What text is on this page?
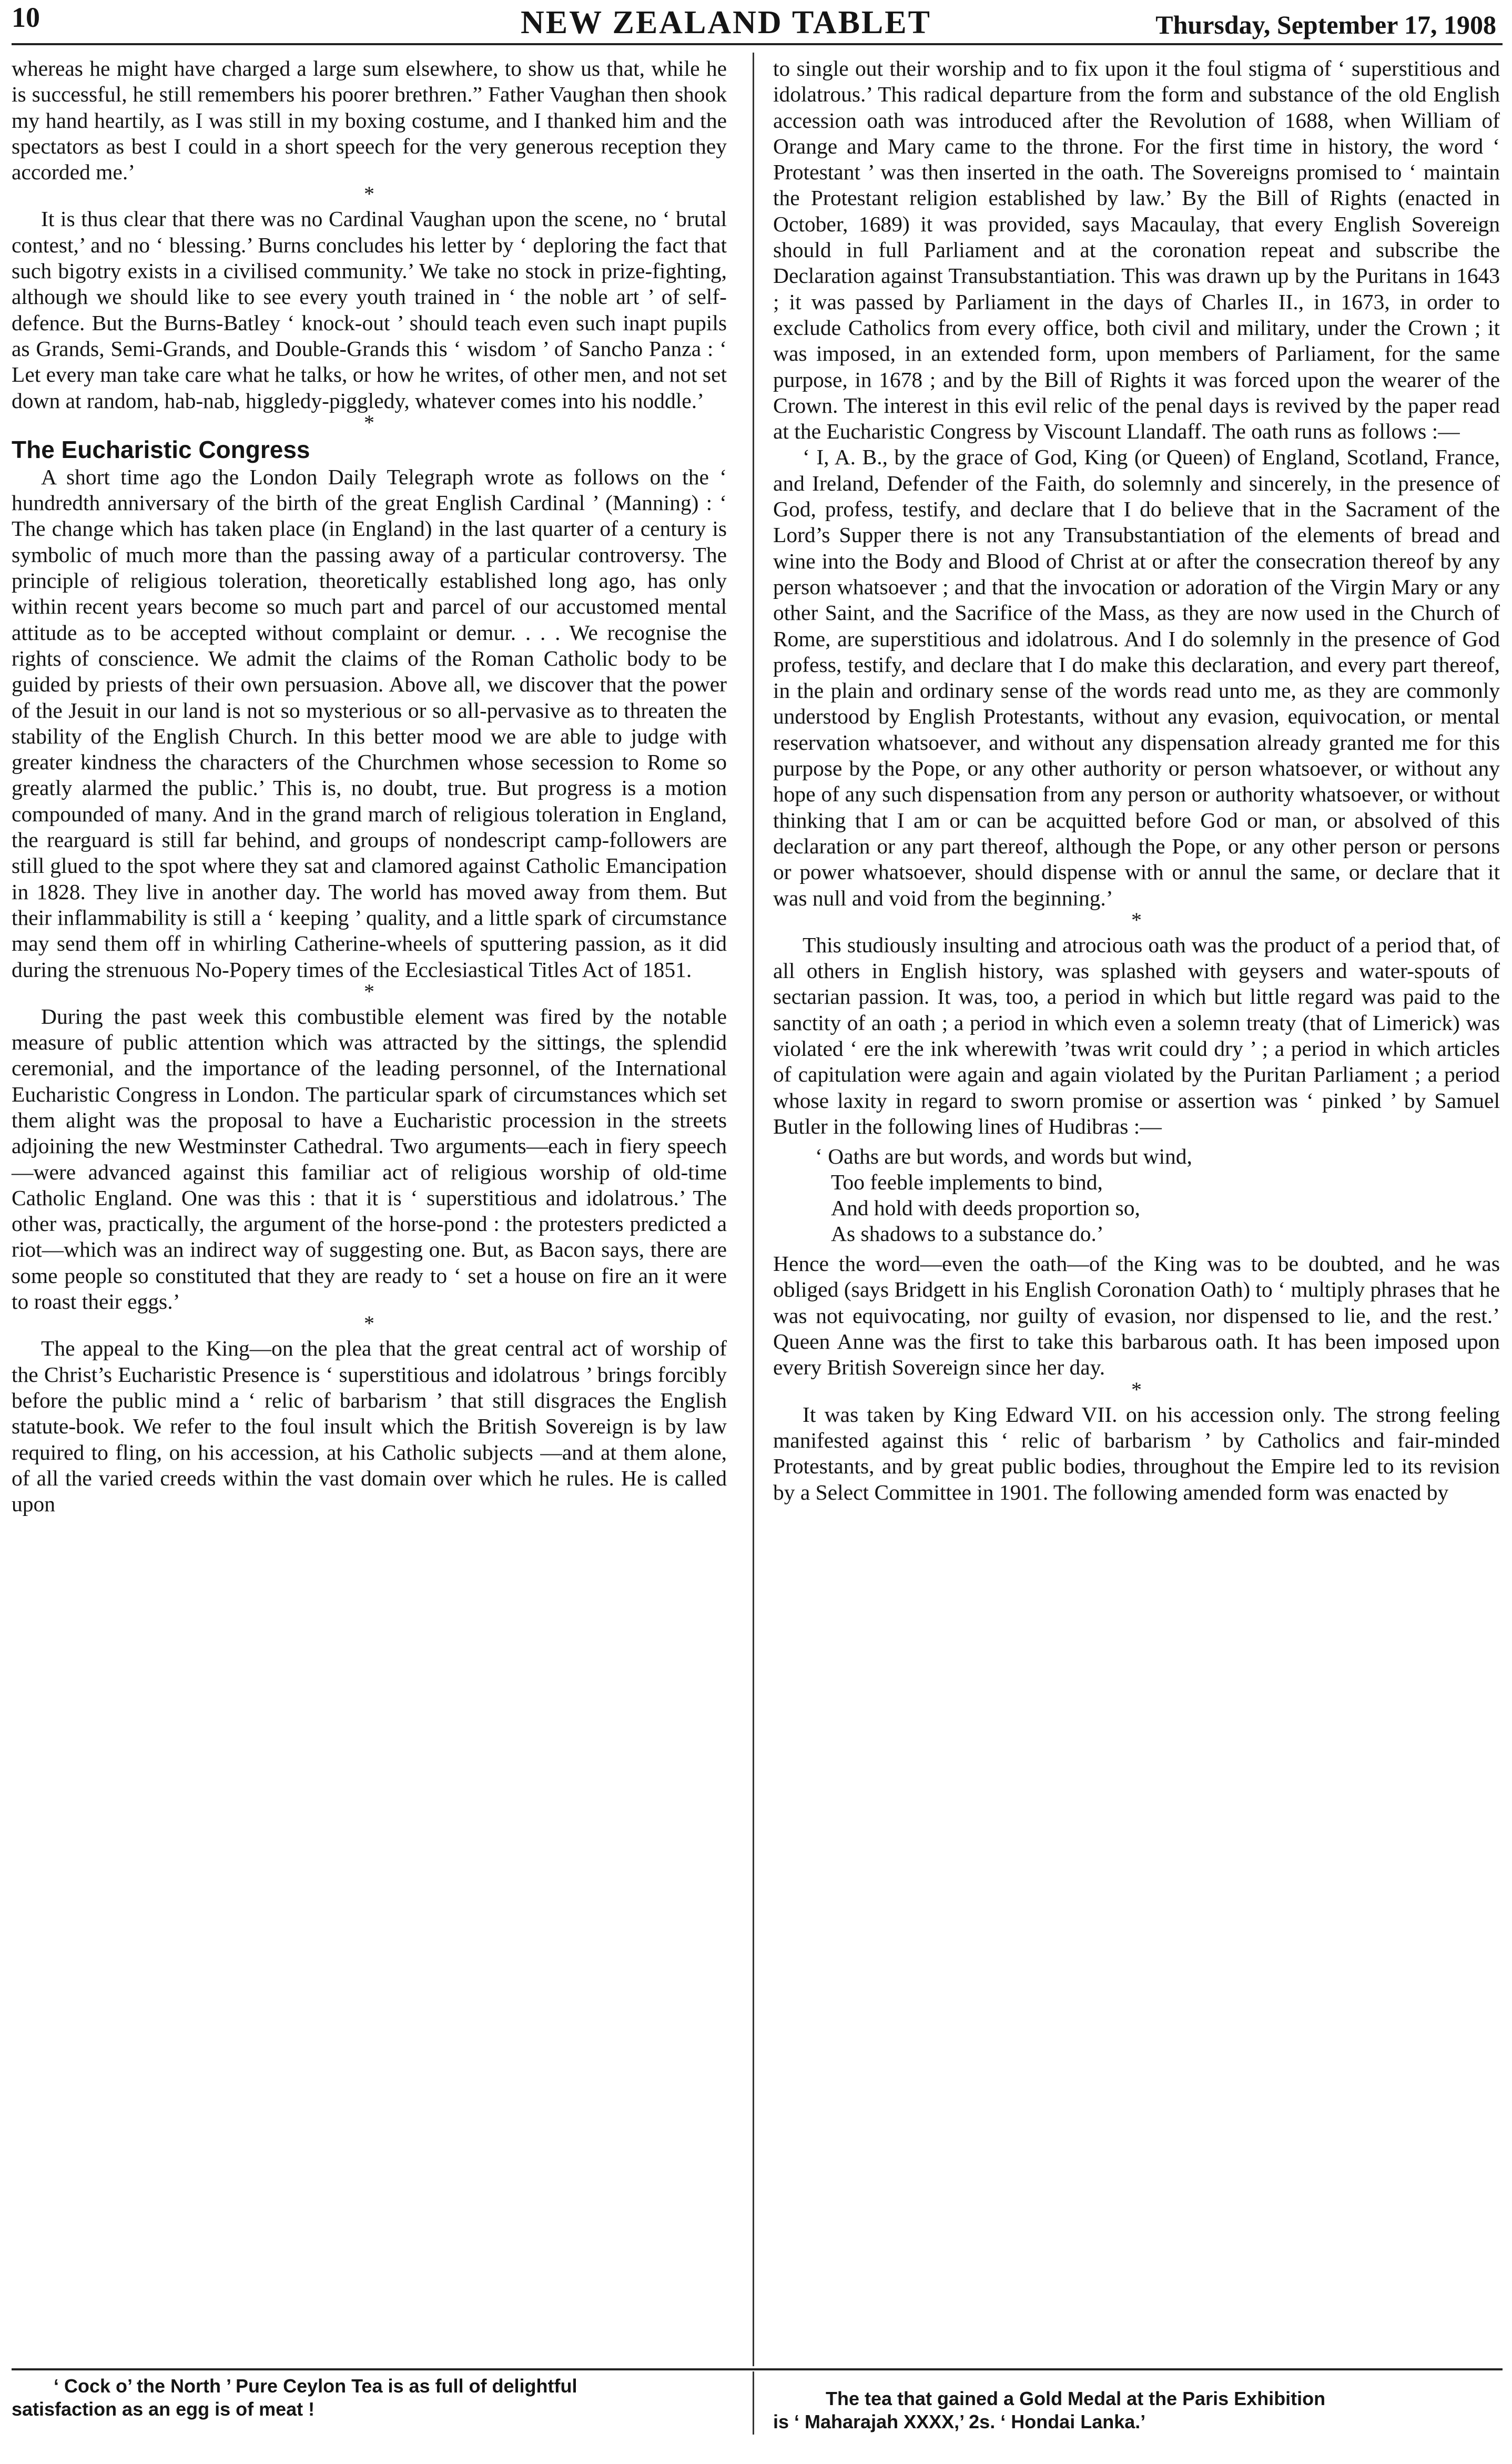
10	NEW ZEALAND TABLET	Thursday, September 17, 1908

whereas he might have charged a large sum elsewhere, to show us that, while he is successful, he still remembers his poorer brethren.” Father Vaughan then shook my hand heartily, as I was still in my boxing costume, and I thanked him and the spectators as best I could in a short speech for the very generous reception they accorded me.’

*

It is thus clear that there was no Cardinal Vaughan upon the scene, no ‘ brutal contest,’ and no ‘ blessing.’ Burns concludes his letter by ‘ deploring the fact that such bigotry exists in a civilised community.’ We take no stock in prize-fighting, although we should like to see every youth trained in ‘ the noble art ’ of self-defence. But the Burns-Batley ‘ knock-out ’ should teach even such inapt pupils as Grands, Semi-Grands, and Double-Grands this ‘ wisdom ’ of Sancho Panza : ‘ Let every man take care what he talks, or how he writes, of other men, and not set down at random, hab-nab, higgledy-piggledy, whatever comes into his noddle.’

*
The Eucharistic Congress

A short time ago the London Daily Telegraph wrote as follows on the ‘ hundredth anniversary of the birth of the great English Cardinal ’ (Manning) : ‘ The change which has taken place (in England) in the last quarter of a century is symbolic of much more than the passing away of a particular controversy. The principle of religious toleration, theoretically established long ago, has only within recent years become so much part and parcel of our accustomed mental attitude as to be accepted without complaint or demur. . . . We recognise the rights of conscience. We admit the claims of the Roman Catholic body to be guided by priests of their own persuasion. Above all, we discover that the power of the Jesuit in our land is not so mysterious or so all-pervasive as to threaten the stability of the English Church. In this better mood we are able to judge with greater kindness the characters of the Churchmen whose secession to Rome so greatly alarmed the public.’ This is, no doubt, true. But progress is a motion compounded of many. And in the grand march of religious toleration in England, the rearguard is still far behind, and groups of nondescript camp-followers are still glued to the spot where they sat and clamored against Catholic Emancipation in 1828. They live in another day. The world has moved away from them. But their inflammability is still a ‘ keeping ’ quality, and a little spark of circumstance may send them off in whirling Catherine-wheels of sputtering passion, as it did during the strenuous No-Popery times of the Ecclesiastical Titles Act of 1851.

*

During the past week this combustible element was fired by the notable measure of public attention which was attracted by the sittings, the splendid ceremonial, and the importance of the leading personnel, of the International Eucharistic Congress in London. The particular spark of circumstances which set them alight was the proposal to have a Eucharistic procession in the streets adjoining the new Westminster Cathedral. Two arguments—each in fiery speech—were advanced against this familiar act of religious worship of old-time Catholic England. One was this : that it is ‘ superstitious and idolatrous.’ The other was, practically, the argument of the horse-pond : the protesters predicted a riot—which was an indirect way of suggesting one. But, as Bacon says, there are some people so constituted that they are ready to ‘ set a house on fire an it were to roast their eggs.’

*

The appeal to the King—on the plea that the great central act of worship of the Christ’s Eucharistic Presence is ‘ superstitious and idolatrous ’ brings forcibly before the public mind a ‘ relic of barbarism ’ that still disgraces the English statute-book. We refer to the foul insult which the British Sovereign is by law required to fling, on his accession, at his Catholic subjects —and at them alone, of all the varied creeds within the vast domain over which he rules. He is called upon

to single out their worship and to fix upon it the foul stigma of ‘ superstitious and idolatrous.’ This radical departure from the form and substance of the old English accession oath was introduced after the Revolution of 1688, when William of Orange and Mary came to the throne. For the first time in history, the word ‘ Protestant ’ was then inserted in the oath. The Sovereigns promised to ‘ maintain the Protestant religion established by law.’ By the Bill of Rights (enacted in October, 1689) it was provided, says Macaulay, that every English Sovereign should in full Parliament and at the coronation repeat and subscribe the Declaration against Transubstantiation. This was drawn up by the Puritans in 1643 ; it was passed by Parliament in the days of Charles II., in 1673, in order to exclude Catholics from every office, both civil and military, under the Crown ; it was imposed, in an extended form, upon members of Parliament, for the same purpose, in 1678 ; and by the Bill of Rights it was forced upon the wearer of the Crown. The interest in this evil relic of the penal days is revived by the paper read at the Eucharistic Congress by Viscount Llandaff. The oath runs as follows :—

‘ I, A. B., by the grace of God, King (or Queen) of England, Scotland, France, and Ireland, Defender of the Faith, do solemnly and sincerely, in the presence of God, profess, testify, and declare that I do believe that in the Sacrament of the Lord’s Supper there is not any Transubstantiation of the elements of bread and wine into the Body and Blood of Christ at or after the consecration thereof by any person whatsoever ; and that the invocation or adoration of the Virgin Mary or any other Saint, and the Sacrifice of the Mass, as they are now used in the Church of Rome, are superstitious and idolatrous. And I do solemnly in the presence of God profess, testify, and declare that I do make this declaration, and every part thereof, in the plain and ordinary sense of the words read unto me, as they are commonly understood by English Protestants, without any evasion, equivocation, or mental reservation whatsoever, and without any dispensation already granted me for this purpose by the Pope, or any other authority or person whatsoever, or without any hope of any such dispensation from any person or authority whatsoever, or without thinking that I am or can be acquitted before God or man, or absolved of this declaration or any part thereof, although the Pope, or any other person or persons or power whatsoever, should dispense with or annul the same, or declare that it was null and void from the beginning.’

*

This studiously insulting and atrocious oath was the product of a period that, of all others in English history, was splashed with geysers and water-spouts of sectarian passion. It was, too, a period in which but little regard was paid to the sanctity of an oath ; a period in which even a solemn treaty (that of Limerick) was violated ‘ ere the ink wherewith ’twas writ could dry ’ ; a period in which articles of capitulation were again and again violated by the Puritan Parliament ; a period whose laxity in regard to sworn promise or assertion was ‘ pinked ’ by Samuel Butler in the following lines of Hudibras :—

‘ Oaths are but words, and words but wind,
Too feeble implements to bind,
And hold with deeds proportion so,
As shadows to a substance do.’

Hence the word—even the oath—of the King was to be doubted, and he was obliged (says Bridgett in his English Coronation Oath) to ‘ multiply phrases that he was not equivocating, nor guilty of evasion, nor dispensed to lie, and the rest.’ Queen Anne was the first to take this barbarous oath. It has been imposed upon every British Sovereign since her day.

*

It was taken by King Edward VII. on his accession only. The strong feeling manifested against this ‘ relic of barbarism ’ by Catholics and fair-minded Protestants, and by great public bodies, throughout the Empire led to its revision by a Select Committee in 1901. The following amended form was enacted by

‘ Cock o’ the North ’ Pure Ceylon Tea is as full of delightful
satisfaction as an egg is of meat !	The tea that gained a Gold Medal at the Paris Exhibition
is ‘ Maharajah XXXX,’ 2s. ‘ Hondai Lanka.’
